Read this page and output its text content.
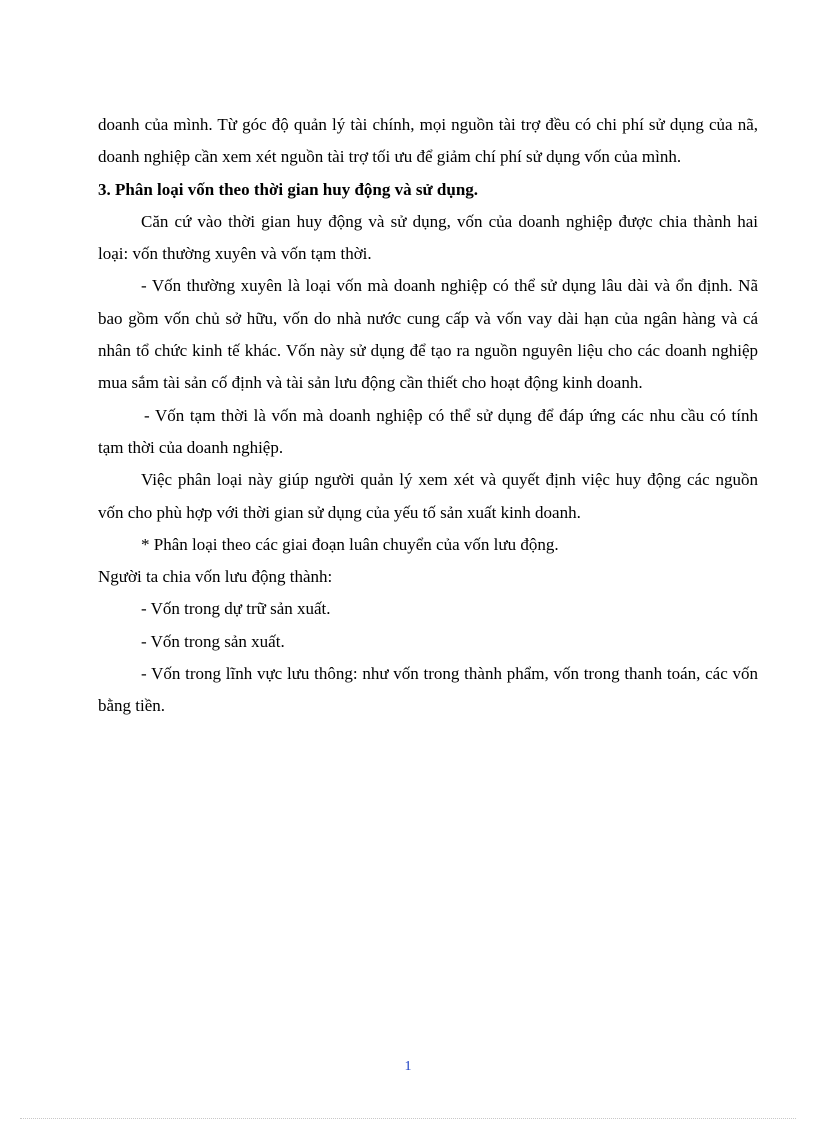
doanh của mình. Từ góc độ quản lý tài chính, mọi nguồn tài trợ đều có chi phí sử dụng của nã, doanh nghiệp cần xem xét nguồn tài trợ tối ưu để giảm chí phí sử dụng vốn của mình.

3. Phân loại vốn theo thời gian huy động và sử dụng.

Căn cứ vào thời gian huy động và sử dụng, vốn của doanh nghiệp được chia thành hai loại: vốn thường xuyên và vốn tạm thời.

- Vốn thường xuyên là loại vốn mà doanh nghiệp có thể sử dụng lâu dài và ổn định. Nã bao gồm vốn chủ sở hữu, vốn do nhà nước cung cấp và vốn vay dài hạn của ngân hàng và cá nhân tổ chức kinh tế khác. Vốn này sử dụng để tạo ra nguồn nguyên liệu cho các doanh nghiệp mua sắm tài sản cố định và tài sản lưu động cần thiết cho hoạt động kinh doanh.

- Vốn tạm thời là vốn mà doanh nghiệp có thể sử dụng để đáp ứng các nhu cầu có tính tạm thời của doanh nghiệp.

Việc phân loại này giúp người quản lý xem xét và quyết định việc huy động các nguồn vốn cho phù hợp với thời gian sử dụng của yếu tố sản xuất kinh doanh.

* Phân loại theo các giai đoạn luân chuyển của vốn lưu động.

Người ta chia vốn lưu động thành:

- Vốn trong dự trữ sản xuất.

- Vốn trong sản xuất.

- Vốn trong lĩnh vực lưu thông: như vốn trong thành phẩm, vốn trong thanh toán, các vốn bằng tiền.

1
